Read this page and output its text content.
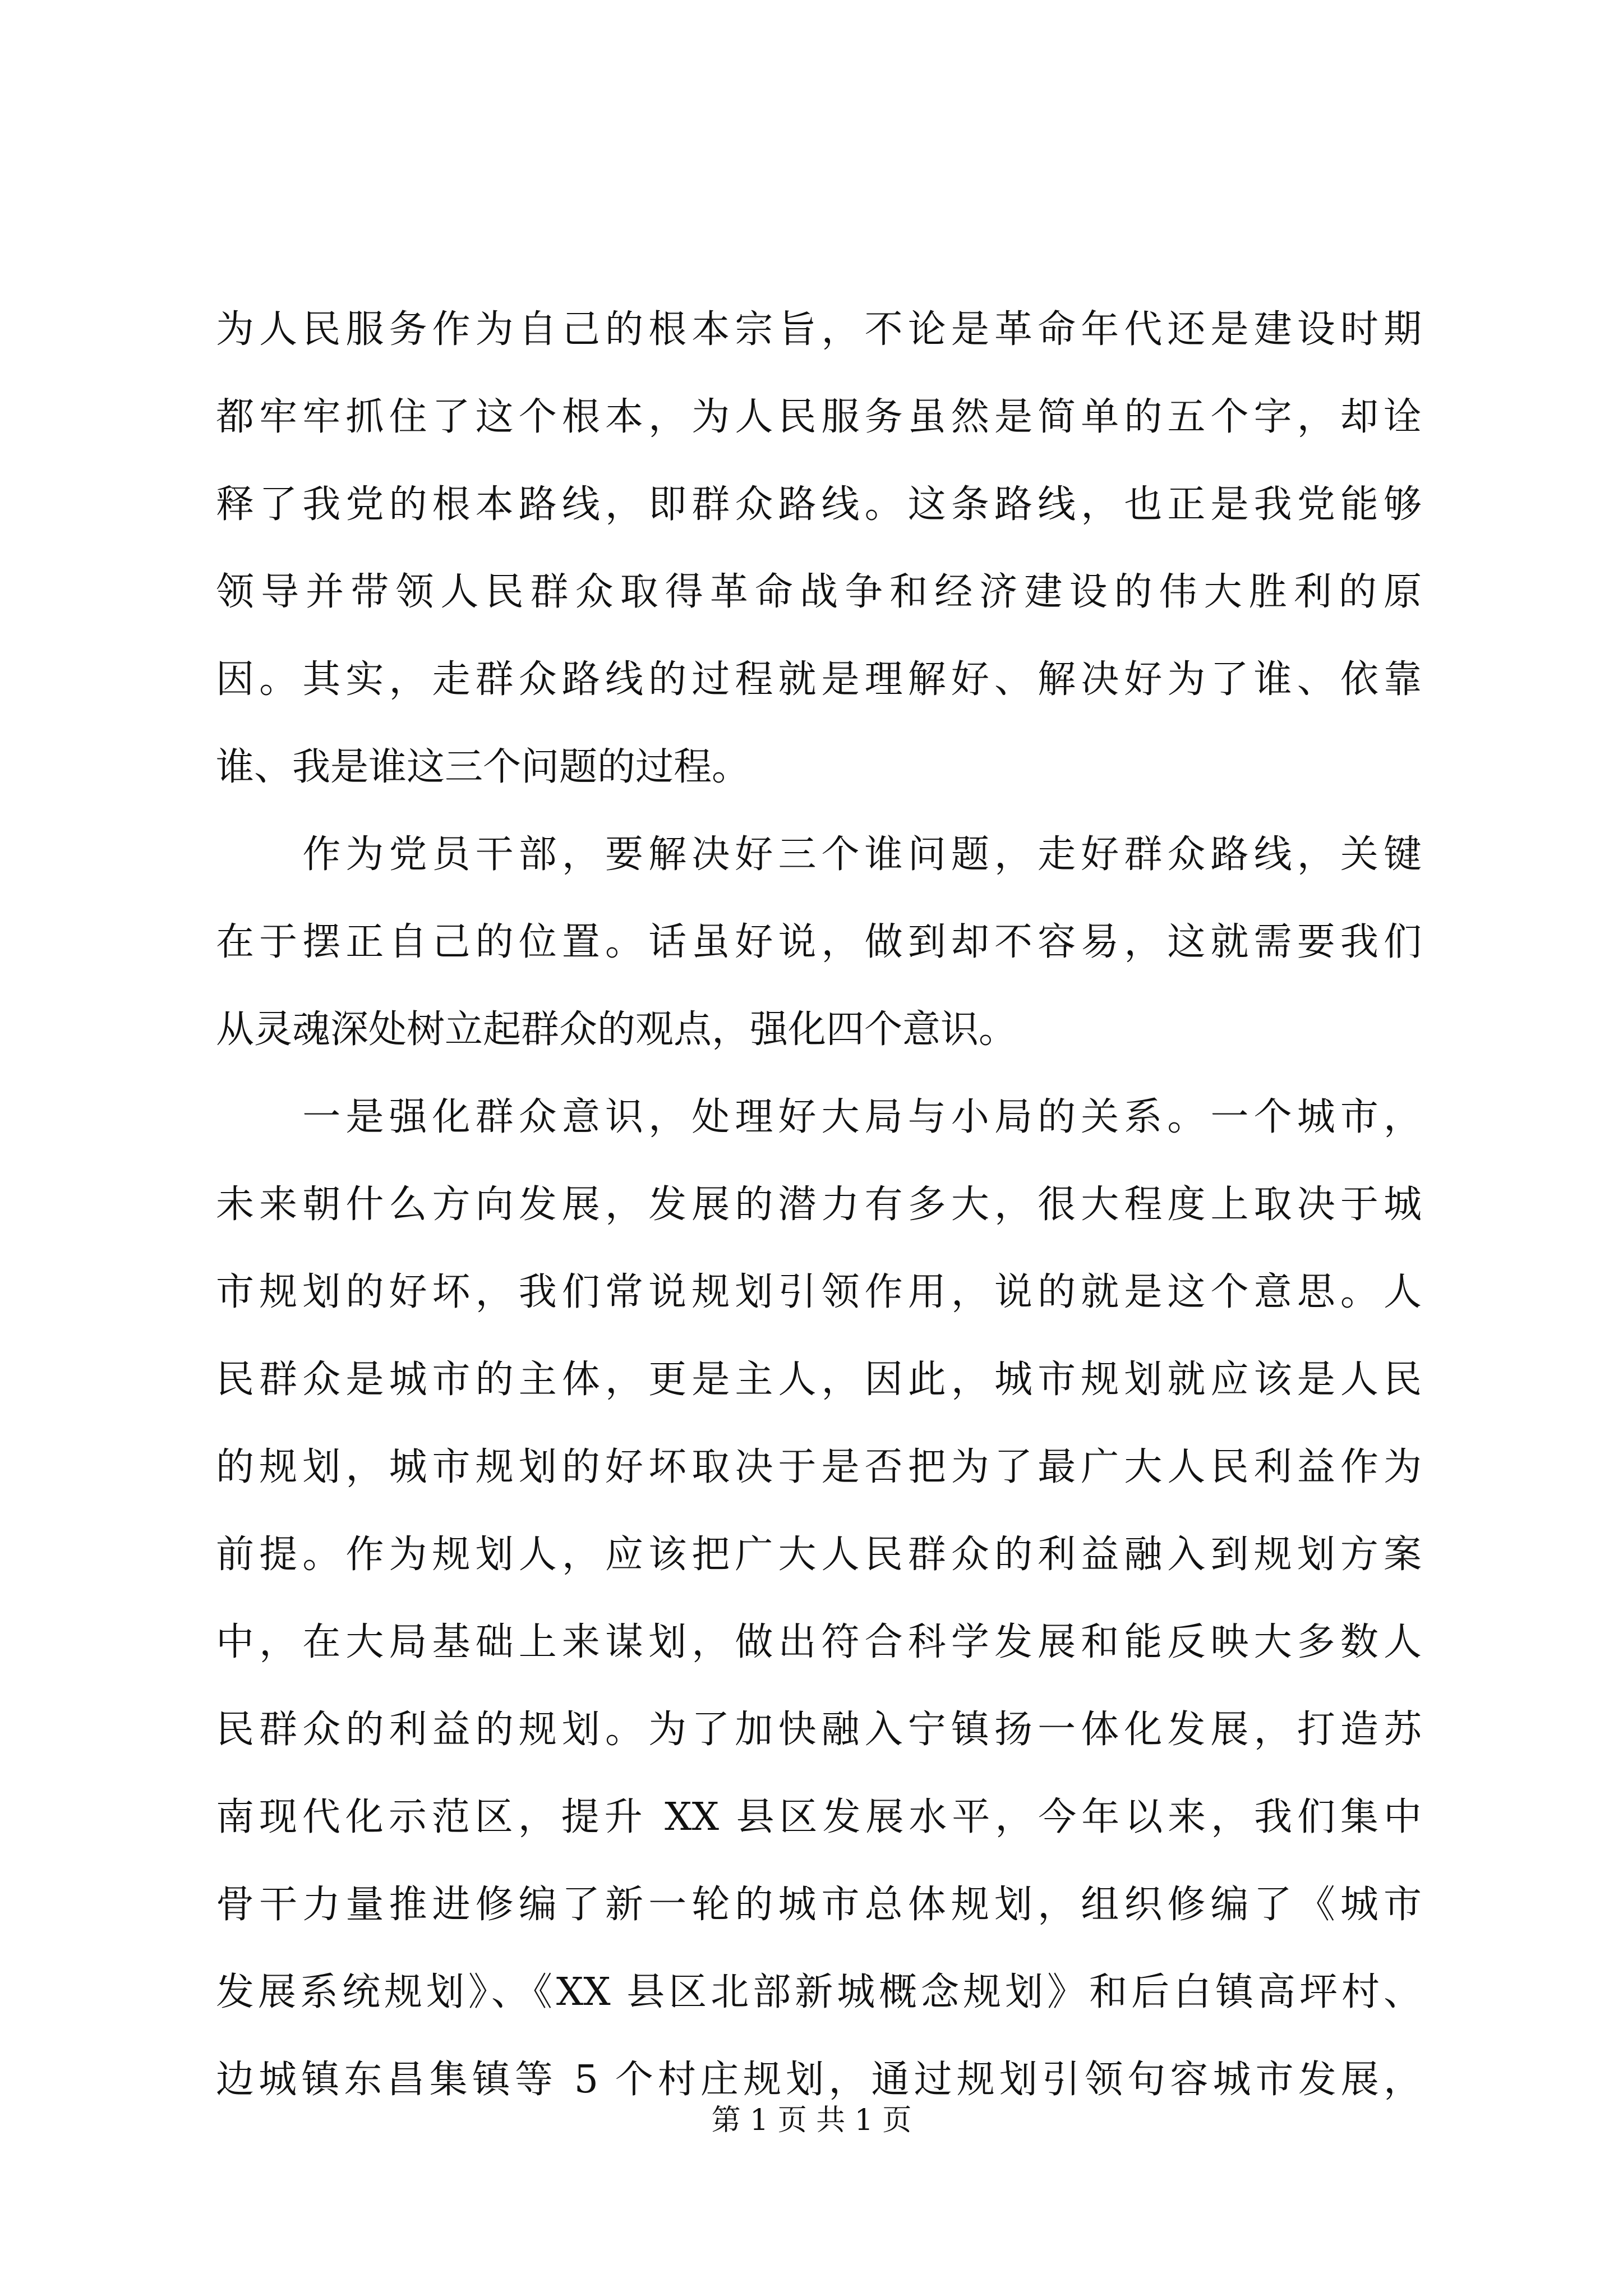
为人民服务作为自己的根本宗旨，不论是革命年代还是建设时期
都牢牢抓住了这个根本，为人民服务虽然是简单的五个字，却诠
释了我党的根本路线，即群众路线。这条路线，也正是我党能够
领导并带领人民群众取得革命战争和经济建设的伟大胜利的原
因。其实，走群众路线的过程就是理解好、解决好为了谁、依靠
谁、我是谁这三个问题的过程。
　　作为党员干部，要解决好三个谁问题，走好群众路线，关键
在于摆正自己的位置。话虽好说，做到却不容易，这就需要我们
从灵魂深处树立起群众的观点，强化四个意识。
　　一是强化群众意识，处理好大局与小局的关系。一个城市，
未来朝什么方向发展，发展的潜力有多大，很大程度上取决于城
市规划的好坏，我们常说规划引领作用，说的就是这个意思。人
民群众是城市的主体，更是主人，因此，城市规划就应该是人民
的规划，城市规划的好坏取决于是否把为了最广大人民利益作为
前提。作为规划人，应该把广大人民群众的利益融入到规划方案
中，在大局基础上来谋划，做出符合科学发展和能反映大多数人
民群众的利益的规划。为了加快融入宁镇扬一体化发展，打造苏
南现代化示范区，提升 XX 县区发展水平，今年以来，我们集中
骨干力量推进修编了新一轮的城市总体规划，组织修编了《城市
发展系统规划》、《XX 县区北部新城概念规划》和后白镇高坪村、
边城镇东昌集镇等 5 个村庄规划，通过规划引领句容城市发展，
第 1 页 共 1 页
